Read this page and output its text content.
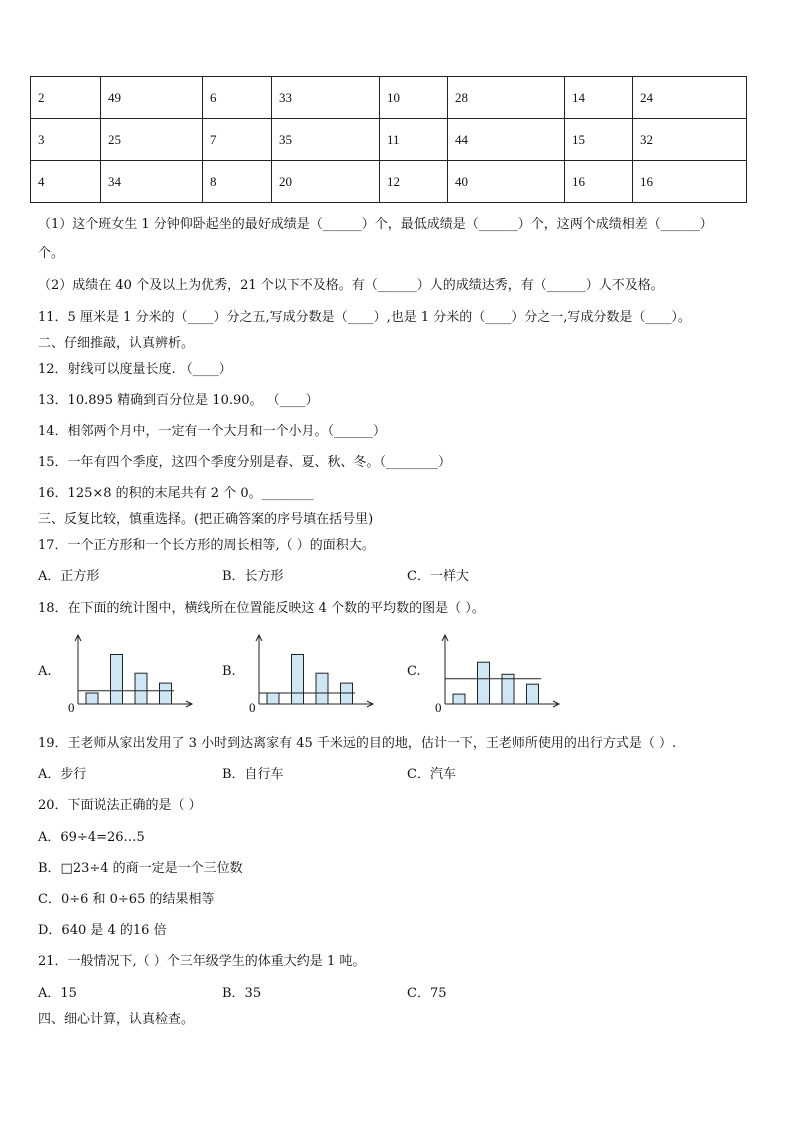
2	49	6	33	10	28	14	24
3	25	7	35	11	44	15	32
4	34	8	20	12	40	16	16
（1）这个班女生 1 分钟仰卧起坐的最好成绩是（______）个，最低成绩是（______）个，这两个成绩相差（______）
个。
（2）成绩在 40 个及以上为优秀，21 个以下不及格。有（______）人的成绩达秀，有（______）人不及格。
11．5 厘米是 1 分米的（____）分之五,写成分数是（____）,也是 1 分米的（____）分之一,写成分数是（____）。
二、仔细推敲，认真辨析。
12．射线可以度量长度. （____）
13．10.895 精确到百分位是 10.90。 （____）
14．相邻两个月中，一定有一个大月和一个小月。（______）
15．一年有四个季度，这四个季度分别是春、夏、秋、冬。（________）
16．125×8 的积的末尾共有 2 个 0。________
三、反复比较，慎重选择。(把正确答案的序号填在括号里)
17．一个正方形和一个长方形的周长相等,（ ）的面积大。
A．正方形	B．长方形	C．一样大
18．在下面的统计图中，横线所在位置能反映这 4 个数的平均数的图是（ ）。
A.	B.	C.
0	0	0
19．王老师从家出发用了 3 小时到达离家有 45 千米远的目的地，估计一下，王老师所使用的出行方式是（ ）.
A．步行	B．自行车	C．汽车
20．下面说法正确的是（ ）
A．69÷4=26…5
B．□23÷4 的商一定是一个三位数
C．0÷6 和 0÷65 的结果相等
D．640 是 4 的16 倍
21．一般情况下,（ ）个三年级学生的体重大约是 1 吨。
A．15	B．35	C．75
四、细心计算，认真检查。
